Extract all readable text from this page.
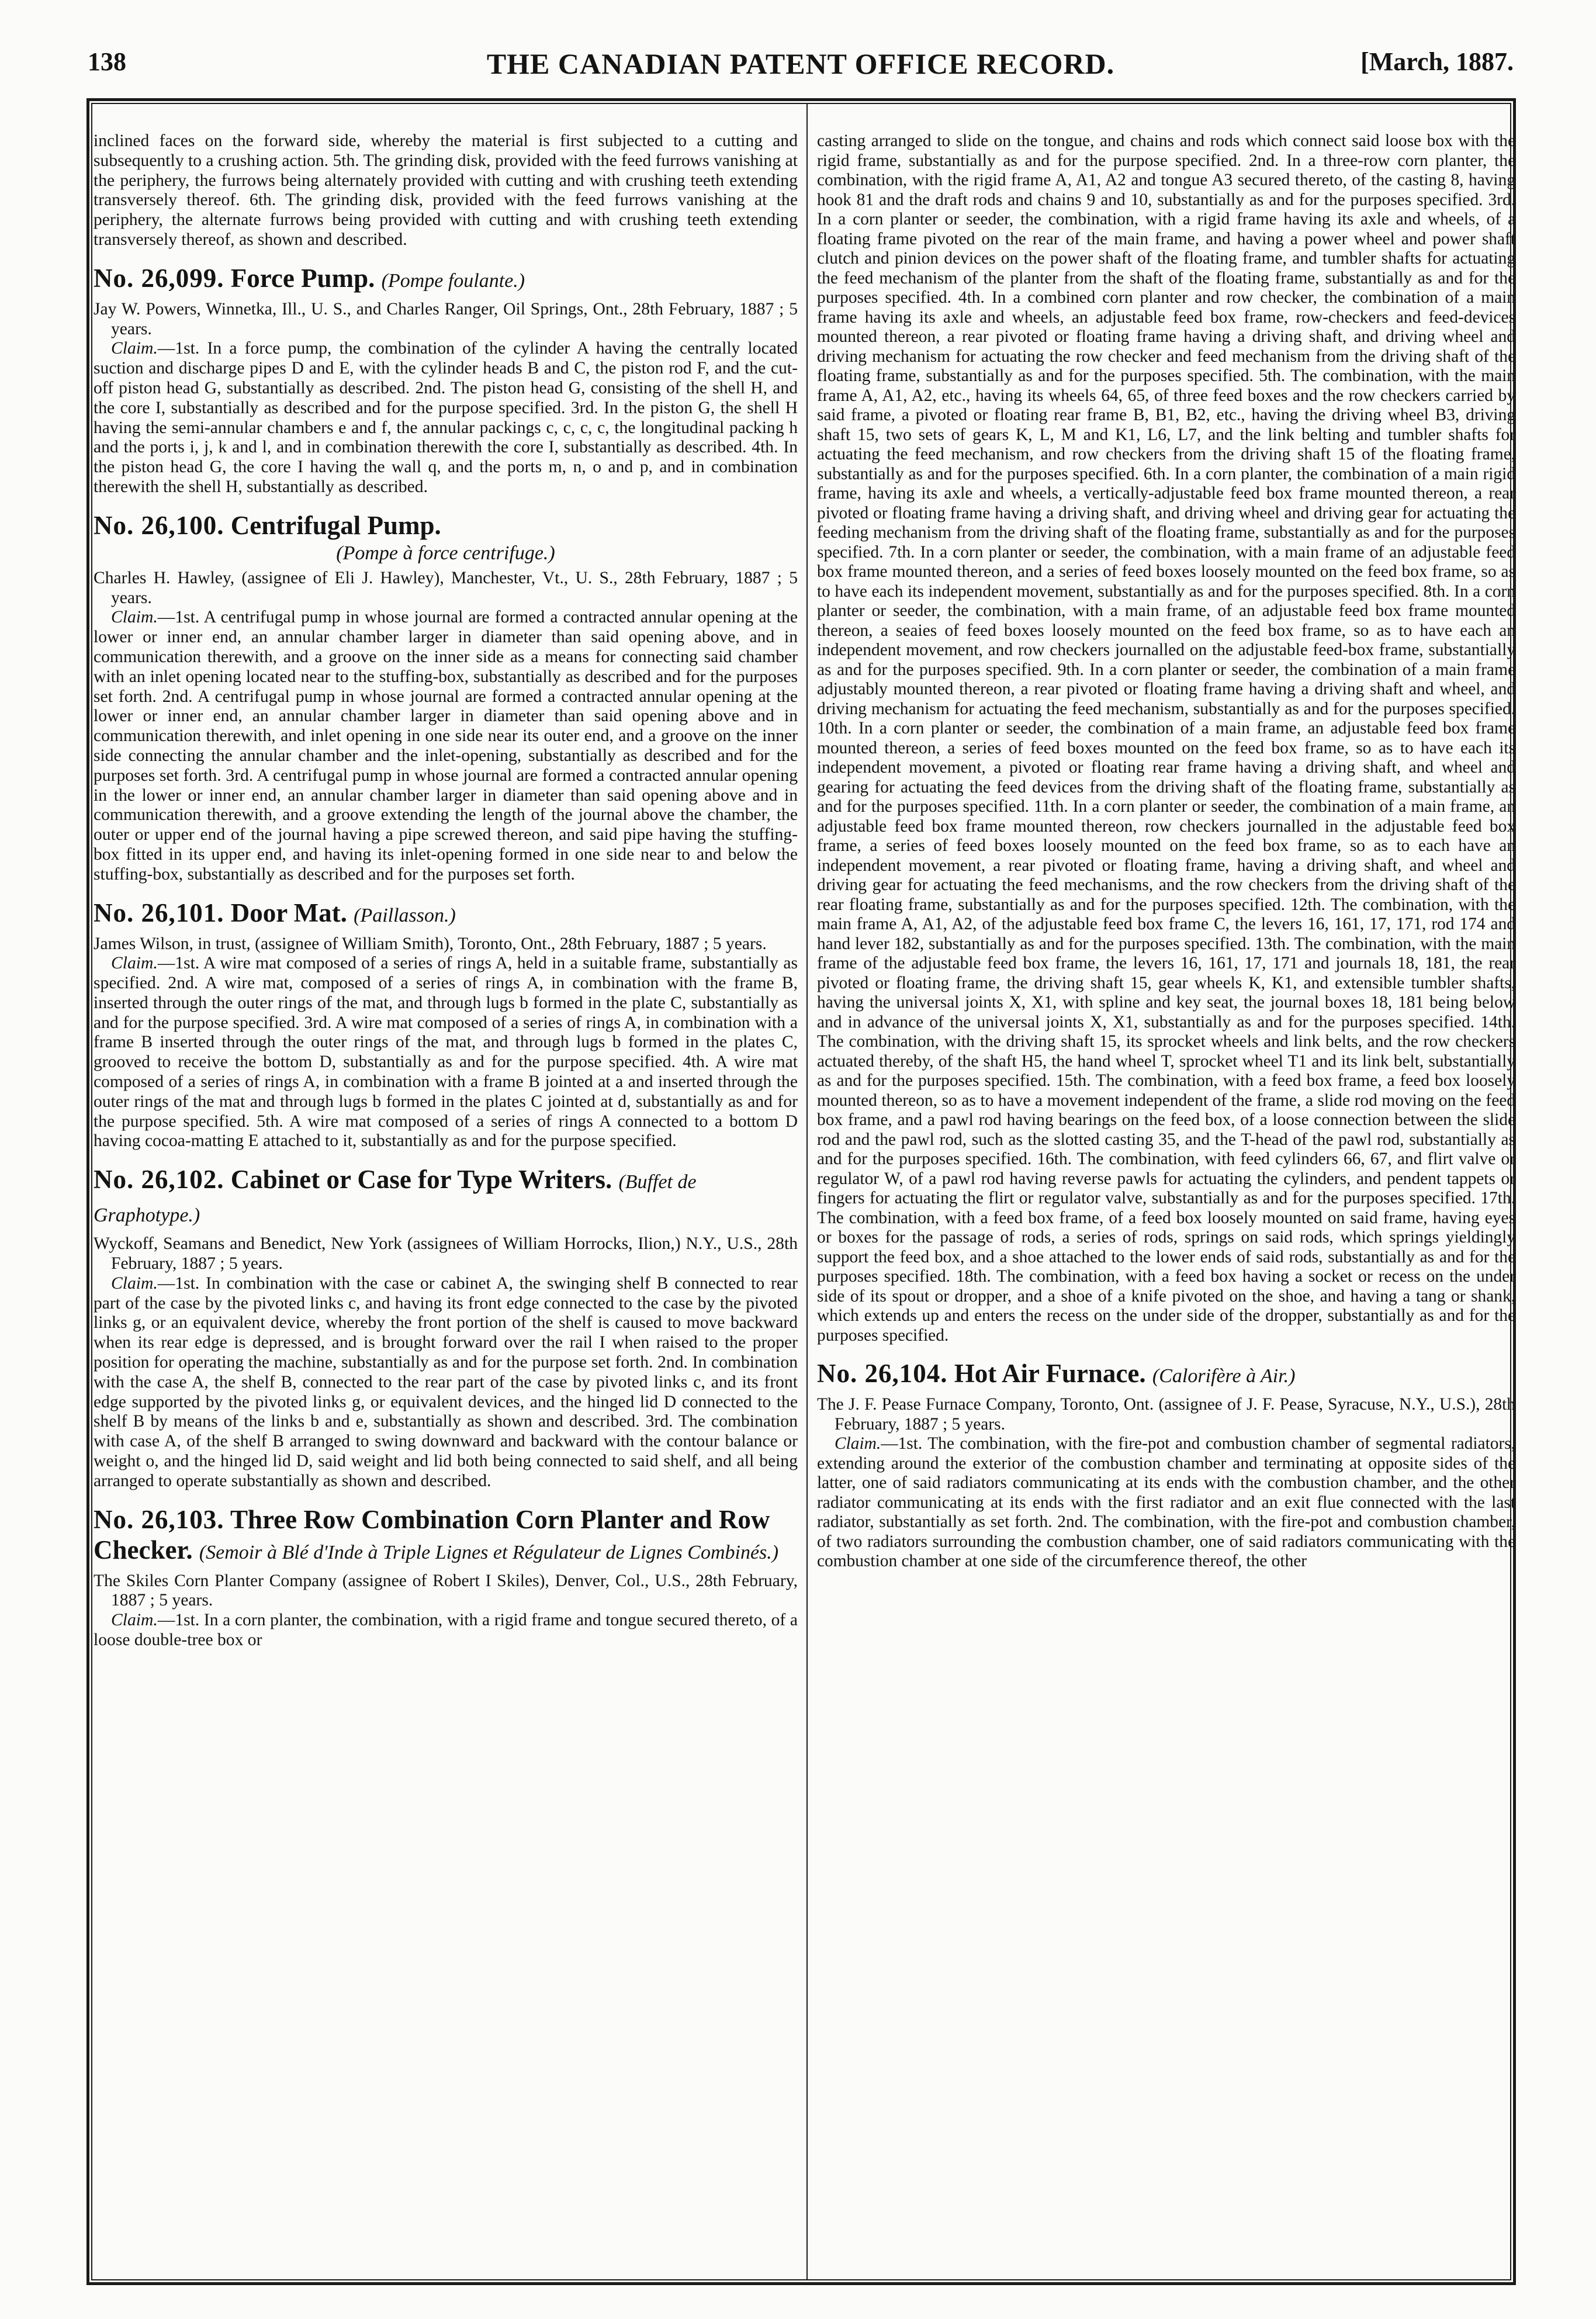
138	THE CANADIAN PATENT OFFICE RECORD.	[March, 1887.

inclined faces on the forward side, whereby the material is first subjected to a cutting and subsequently to a crushing action. 5th. The grinding disk, provided with the feed furrows vanishing at the periphery, the furrows being alternately provided with cutting and with crushing teeth extending transversely thereof. 6th. The grinding disk, provided with the feed furrows vanishing at the periphery, the alternate furrows being provided with cutting and with crushing teeth extending transversely thereof, as shown and described.

No. 26,099. Force Pump. (Pompe foulante.)

Jay W. Powers, Winnetka, Ill., U. S., and Charles Ranger, Oil Springs, Ont., 28th February, 1887 ; 5 years.

Claim.—1st. In a force pump, the combination of the cylinder A having the centrally located suction and discharge pipes D and E, with the cylinder heads B and C, the piston rod F, and the cut-off piston head G, substantially as described. 2nd. The piston head G, consisting of the shell H, and the core I, substantially as described and for the purpose specified. 3rd. In the piston G, the shell H having the semi-annular chambers e and f, the annular packings c, c, c, c, the longitudinal packing h and the ports i, j, k and l, and in combination therewith the core I, substantially as described. 4th. In the piston head G, the core I having the wall q, and the ports m, n, o and p, and in combination therewith the shell H, substantially as described.

No. 26,100. Centrifugal Pump.
(Pompe à force centrifuge.)

Charles H. Hawley, (assignee of Eli J. Hawley), Manchester, Vt., U. S., 28th February, 1887 ; 5 years.

Claim.—1st. A centrifugal pump in whose journal are formed a contracted annular opening at the lower or inner end, an annular chamber larger in diameter than said opening above, and in communication therewith, and a groove on the inner side as a means for connecting said chamber with an inlet opening located near to the stuffing-box, substantially as described and for the purposes set forth. 2nd. A centrifugal pump in whose journal are formed a contracted annular opening at the lower or inner end, an annular chamber larger in diameter than said opening above and in communication therewith, and inlet opening in one side near its outer end, and a groove on the inner side connecting the annular chamber and the inlet-opening, substantially as described and for the purposes set forth. 3rd. A centrifugal pump in whose journal are formed a contracted annular opening in the lower or inner end, an annular chamber larger in diameter than said opening above and in communication therewith, and a groove extending the length of the journal above the chamber, the outer or upper end of the journal having a pipe screwed thereon, and said pipe having the stuffing-box fitted in its upper end, and having its inlet-opening formed in one side near to and below the stuffing-box, substantially as described and for the purposes set forth.

No. 26,101. Door Mat. (Paillasson.)

James Wilson, in trust, (assignee of William Smith), Toronto, Ont., 28th February, 1887 ; 5 years.

Claim.—1st. A wire mat composed of a series of rings A, held in a suitable frame, substantially as specified. 2nd. A wire mat, composed of a series of rings A, in combination with the frame B, inserted through the outer rings of the mat, and through lugs b formed in the plate C, substantially as and for the purpose specified. 3rd. A wire mat composed of a series of rings A, in combination with a frame B inserted through the outer rings of the mat, and through lugs b formed in the plates C, grooved to receive the bottom D, substantially as and for the purpose specified. 4th. A wire mat composed of a series of rings A, in combination with a frame B jointed at a and inserted through the outer rings of the mat and through lugs b formed in the plates C jointed at d, substantially as and for the purpose specified. 5th. A wire mat composed of a series of rings A connected to a bottom D having cocoa-matting E attached to it, substantially as and for the purpose specified.

No. 26,102. Cabinet or Case for Type Writers. (Buffet de Graphotype.)

Wyckoff, Seamans and Benedict, New York (assignees of William Horrocks, Ilion,) N.Y., U.S., 28th February, 1887 ; 5 years.

Claim.—1st. In combination with the case or cabinet A, the swinging shelf B connected to rear part of the case by the pivoted links c, and having its front edge connected to the case by the pivoted links g, or an equivalent device, whereby the front portion of the shelf is caused to move backward when its rear edge is depressed, and is brought forward over the rail I when raised to the proper position for operating the machine, substantially as and for the purpose set forth. 2nd. In combination with the case A, the shelf B, connected to the rear part of the case by pivoted links c, and its front edge supported by the pivoted links g, or equivalent devices, and the hinged lid D connected to the shelf B by means of the links b and e, substantially as shown and described. 3rd. The combination with case A, of the shelf B arranged to swing downward and backward with the contour balance or weight o, and the hinged lid D, said weight and lid both being connected to said shelf, and all being arranged to operate substantially as shown and described.

No. 26,103. Three Row Combination Corn Planter and Row Checker. (Semoir à Blé d'Inde à Triple Lignes et Régulateur de Lignes Combinés.)

The Skiles Corn Planter Company (assignee of Robert I Skiles), Denver, Col., U.S., 28th February, 1887 ; 5 years.

Claim.—1st. In a corn planter, the combination, with a rigid frame and tongue secured thereto, of a loose double-tree box or

casting arranged to slide on the tongue, and chains and rods which connect said loose box with the rigid frame, substantially as and for the purpose specified. 2nd. In a three-row corn planter, the combination, with the rigid frame A, A1, A2 and tongue A3 secured thereto, of the casting 8, having hook 81 and the draft rods and chains 9 and 10, substantially as and for the purposes specified. 3rd. In a corn planter or seeder, the combination, with a rigid frame having its axle and wheels, of a floating frame pivoted on the rear of the main frame, and having a power wheel and power shaft clutch and pinion devices on the power shaft of the floating frame, and tumbler shafts for actuating the feed mechanism of the planter from the shaft of the floating frame, substantially as and for the purposes specified. 4th. In a combined corn planter and row checker, the combination of a main frame having its axle and wheels, an adjustable feed box frame, row-checkers and feed-devices mounted thereon, a rear pivoted or floating frame having a driving shaft, and driving wheel and driving mechanism for actuating the row checker and feed mechanism from the driving shaft of the floating frame, substantially as and for the purposes specified. 5th. The combination, with the main frame A, A1, A2, etc., having its wheels 64, 65, of three feed boxes and the row checkers carried by said frame, a pivoted or floating rear frame B, B1, B2, etc., having the driving wheel B3, driving shaft 15, two sets of gears K, L, M and K1, L6, L7, and the link belting and tumbler shafts for actuating the feed mechanism, and row checkers from the driving shaft 15 of the floating frame, substantially as and for the purposes specified. 6th. In a corn planter, the combination of a main rigid frame, having its axle and wheels, a vertically-adjustable feed box frame mounted thereon, a rear pivoted or floating frame having a driving shaft, and driving wheel and driving gear for actuating the feeding mechanism from the driving shaft of the floating frame, substantially as and for the purposes specified. 7th. In a corn planter or seeder, the combination, with a main frame of an adjustable feed box frame mounted thereon, and a series of feed boxes loosely mounted on the feed box frame, so as to have each its independent movement, substantially as and for the purposes specified. 8th. In a corn planter or seeder, the combination, with a main frame, of an adjustable feed box frame mounted thereon, a seaies of feed boxes loosely mounted on the feed box frame, so as to have each an independent movement, and row checkers journalled on the adjustable feed-box frame, substantially as and for the purposes specified. 9th. In a corn planter or seeder, the combination of a main frame adjustably mounted thereon, a rear pivoted or floating frame having a driving shaft and wheel, and driving mechanism for actuating the feed mechanism, substantially as and for the purposes specified. 10th. In a corn planter or seeder, the combination of a main frame, an adjustable feed box frame mounted thereon, a series of feed boxes mounted on the feed box frame, so as to have each its independent movement, a pivoted or floating rear frame having a driving shaft, and wheel and gearing for actuating the feed devices from the driving shaft of the floating frame, substantially as and for the purposes specified. 11th. In a corn planter or seeder, the combination of a main frame, an adjustable feed box frame mounted thereon, row checkers journalled in the adjustable feed box frame, a series of feed boxes loosely mounted on the feed box frame, so as to each have an independent movement, a rear pivoted or floating frame, having a driving shaft, and wheel and driving gear for actuating the feed mechanisms, and the row checkers from the driving shaft of the rear floating frame, substantially as and for the purposes specified. 12th. The combination, with the main frame A, A1, A2, of the adjustable feed box frame C, the levers 16, 161, 17, 171, rod 174 and hand lever 182, substantially as and for the purposes specified. 13th. The combination, with the main frame of the adjustable feed box frame, the levers 16, 161, 17, 171 and journals 18, 181, the rear pivoted or floating frame, the driving shaft 15, gear wheels K, K1, and extensible tumbler shafts, having the universal joints X, X1, with spline and key seat, the journal boxes 18, 181 being below and in advance of the universal joints X, X1, substantially as and for the purposes specified. 14th. The combination, with the driving shaft 15, its sprocket wheels and link belts, and the row checkers actuated thereby, of the shaft H5, the hand wheel T, sprocket wheel T1 and its link belt, substantially as and for the purposes specified. 15th. The combination, with a feed box frame, a feed box loosely mounted thereon, so as to have a movement independent of the frame, a slide rod moving on the feed box frame, and a pawl rod having bearings on the feed box, of a loose connection between the slide rod and the pawl rod, such as the slotted casting 35, and the T-head of the pawl rod, substantially as and for the purposes specified. 16th. The combination, with feed cylinders 66, 67, and flirt valve or regulator W, of a pawl rod having reverse pawls for actuating the cylinders, and pendent tappets or fingers for actuating the flirt or regulator valve, substantially as and for the purposes specified. 17th. The combination, with a feed box frame, of a feed box loosely mounted on said frame, having eyes or boxes for the passage of rods, a series of rods, springs on said rods, which springs yieldingly support the feed box, and a shoe attached to the lower ends of said rods, substantially as and for the purposes specified. 18th. The combination, with a feed box having a socket or recess on the under side of its spout or dropper, and a shoe of a knife pivoted on the shoe, and having a tang or shank, which extends up and enters the recess on the under side of the dropper, substantially as and for the purposes specified.

No. 26,104. Hot Air Furnace. (Calorifère à Air.)

The J. F. Pease Furnace Company, Toronto, Ont. (assignee of J. F. Pease, Syracuse, N.Y., U.S.), 28th February, 1887 ; 5 years.

Claim.—1st. The combination, with the fire-pot and combustion chamber of segmental radiators, extending around the exterior of the combustion chamber and terminating at opposite sides of the latter, one of said radiators communicating at its ends with the combustion chamber, and the other radiator communicating at its ends with the first radiator and an exit flue connected with the last radiator, substantially as set forth. 2nd. The combination, with the fire-pot and combustion chamber, of two radiators surrounding the combustion chamber, one of said radiators communicating with the combustion chamber at one side of the circumference thereof, the other
